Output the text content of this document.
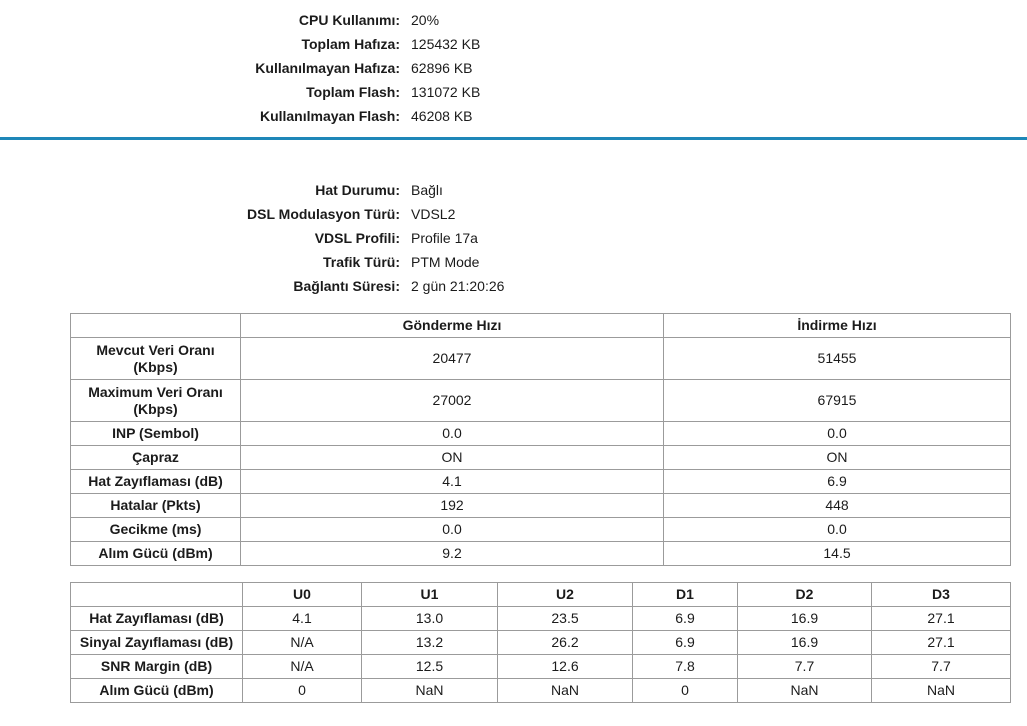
CPU Kullanımı: 20%
Toplam Hafıza: 125432 KB
Kullanılmayan Hafıza: 62896 KB
Toplam Flash: 131072 KB
Kullanılmayan Flash: 46208 KB
Hat Durumu: Bağlı
DSL Modulasyon Türü: VDSL2
VDSL Profili: Profile 17a
Trafik Türü: PTM Mode
Bağlantı Süresi: 2 gün 21:20:26
	Gönderme Hızı	İndirme Hızı
Mevcut Veri Oranı (Kbps)	20477	51455
Maximum Veri Oranı (Kbps)	27002	67915
INP (Sembol)	0.0	0.0
Çapraz	ON	ON
Hat Zayıflaması (dB)	4.1	6.9
Hatalar (Pkts)	192	448
Gecikme (ms)	0.0	0.0
Alım Gücü (dBm)	9.2	14.5
	U0	U1	U2	D1	D2	D3
Hat Zayıflaması (dB)	4.1	13.0	23.5	6.9	16.9	27.1
Sinyal Zayıflaması (dB)	N/A	13.2	26.2	6.9	16.9	27.1
SNR Margin (dB)	N/A	12.5	12.6	7.8	7.7	7.7
Alım Gücü (dBm)	0	NaN	NaN	0	NaN	NaN
